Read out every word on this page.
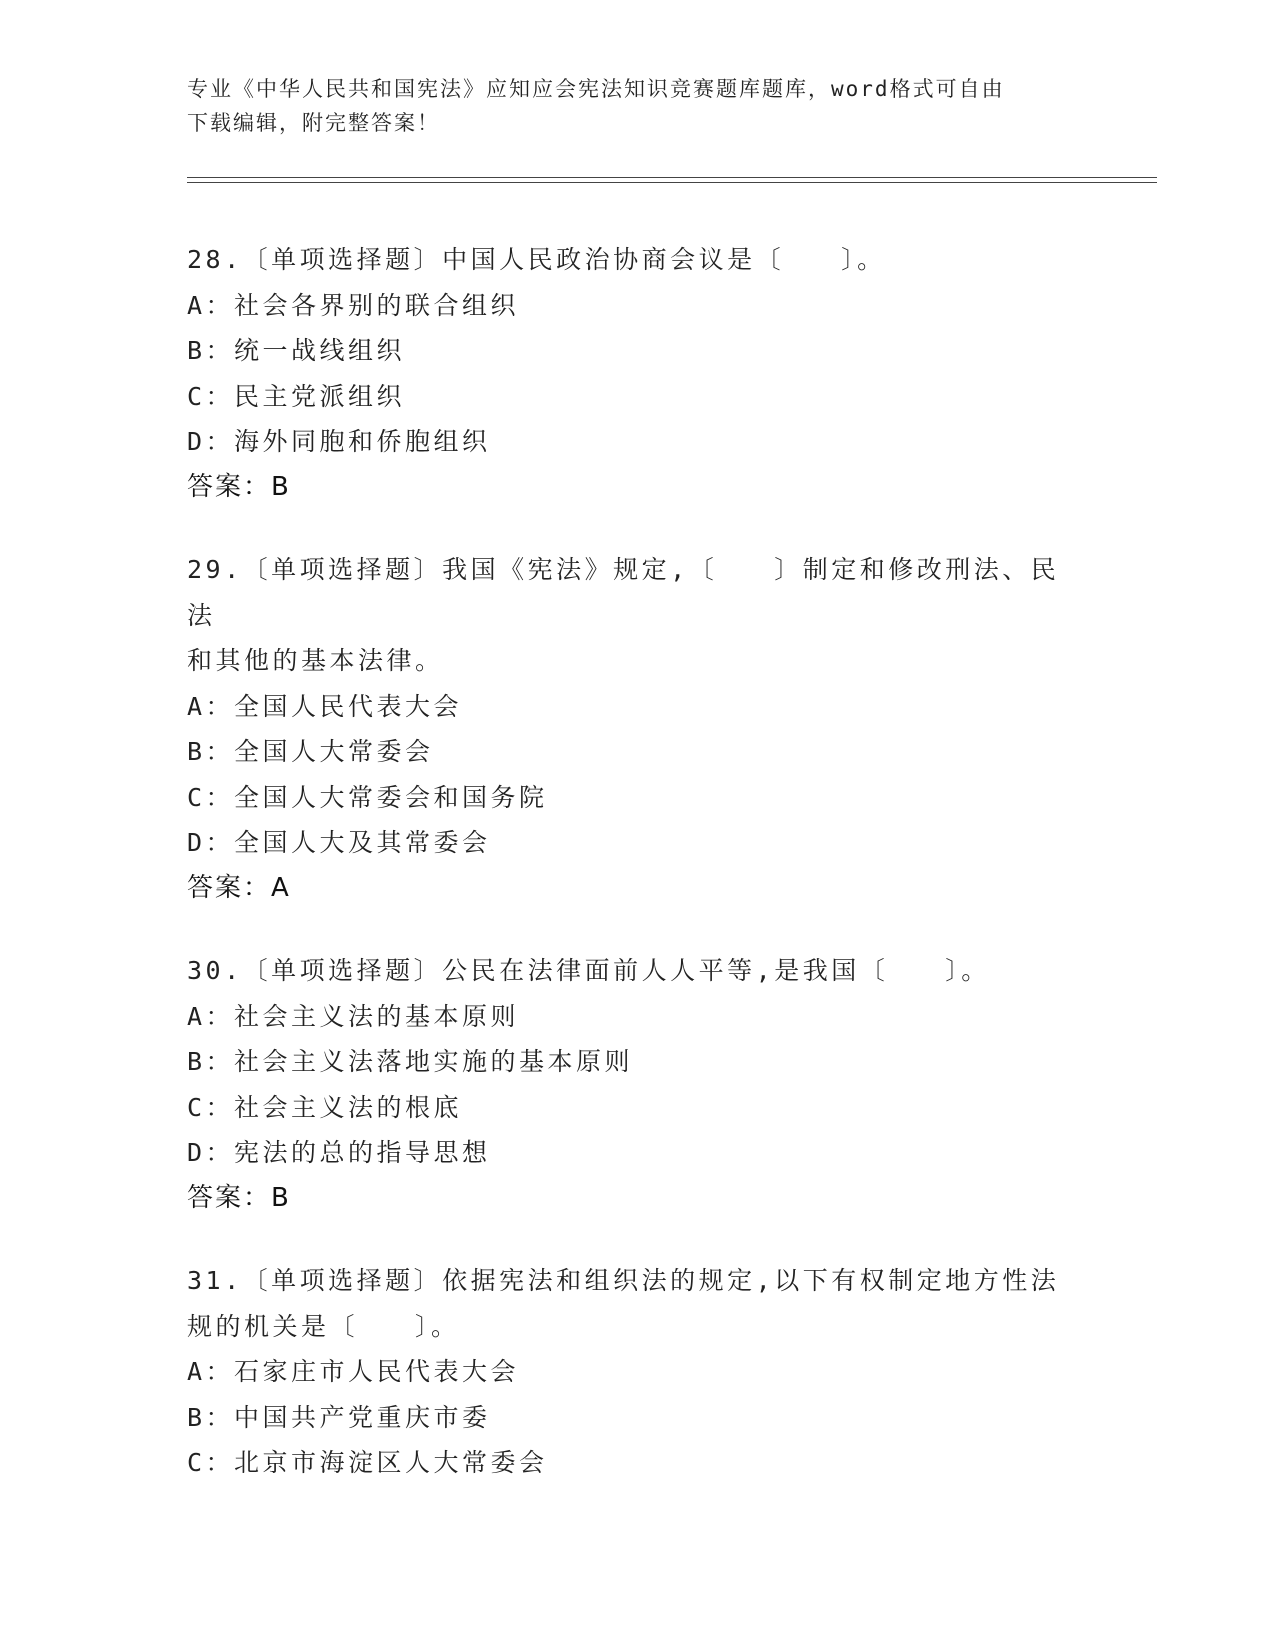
专业《中华人民共和国宪法》应知应会宪法知识竞赛题库题库，word格式可自由
下载编辑，附完整答案！

28.〔单项选择题〕中国人民政治协商会议是〔　　〕。

A：社会各界别的联合组织

B：统一战线组织

C：民主党派组织

D：海外同胞和侨胞组织

答案：B

29.〔单项选择题〕我国《宪法》规定,〔　　〕制定和修改刑法、民法

和其他的基本法律。

A：全国人民代表大会

B：全国人大常委会

C：全国人大常委会和国务院

D：全国人大及其常委会

答案：A

30.〔单项选择题〕公民在法律面前人人平等,是我国〔　　〕。

A：社会主义法的基本原则

B：社会主义法落地实施的基本原则

C：社会主义法的根底

D：宪法的总的指导思想

答案：B

31.〔单项选择题〕依据宪法和组织法的规定,以下有权制定地方性法

规的机关是〔　　〕。

A：石家庄市人民代表大会

B：中国共产党重庆市委

C：北京市海淀区人大常委会
